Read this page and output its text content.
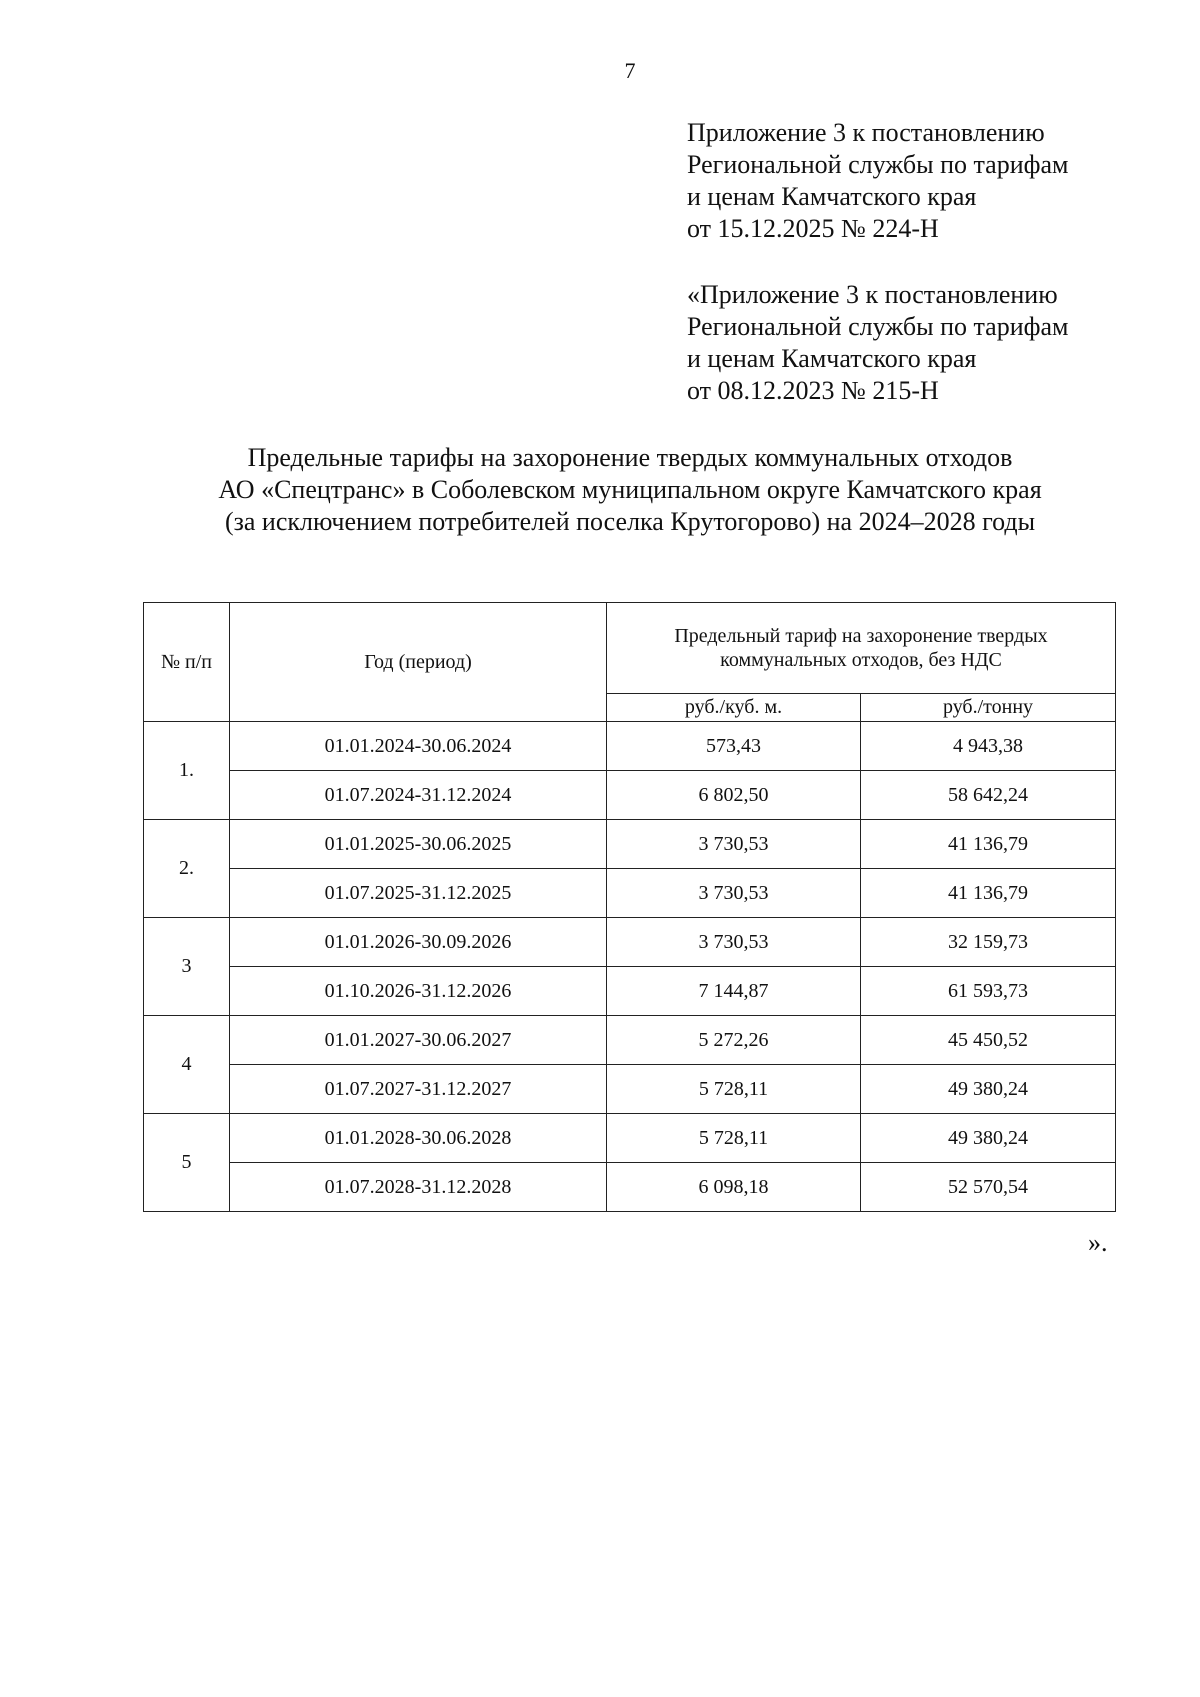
7
Приложение 3 к постановлению
Региональной службы по тарифам
и ценам Камчатского края
от 15.12.2025 № 224-Н
«Приложение 3 к постановлению
Региональной службы по тарифам
и ценам Камчатского края
от 08.12.2023 № 215-Н
Предельные тарифы на захоронение твердых коммунальных отходов
АО «Спецтранс» в Соболевском муниципальном округе Камчатского края
(за исключением потребителей поселка Крутогорово) на 2024–2028 годы
№ п/п	Год (период)	Предельный тариф на захоронение твердых
коммунальных отходов, без НДС	

		руб./куб. м.	руб./тонну
1.	01.01.2024-30.06.2024	573,43	4 943,38
	01.07.2024-31.12.2024	6 802,50	58 642,24
2.	01.01.2025-30.06.2025	3 730,53	41 136,79
	01.07.2025-31.12.2025	3 730,53	41 136,79
3	01.01.2026-30.09.2026	3 730,53	32 159,73
	01.10.2026-31.12.2026	7 144,87	61 593,73
4	01.01.2027-30.06.2027	5 272,26	45 450,52
	01.07.2027-31.12.2027	5 728,11	49 380,24
5	01.01.2028-30.06.2028	5 728,11	49 380,24
	01.07.2028-31.12.2028	6 098,18	52 570,54
».
